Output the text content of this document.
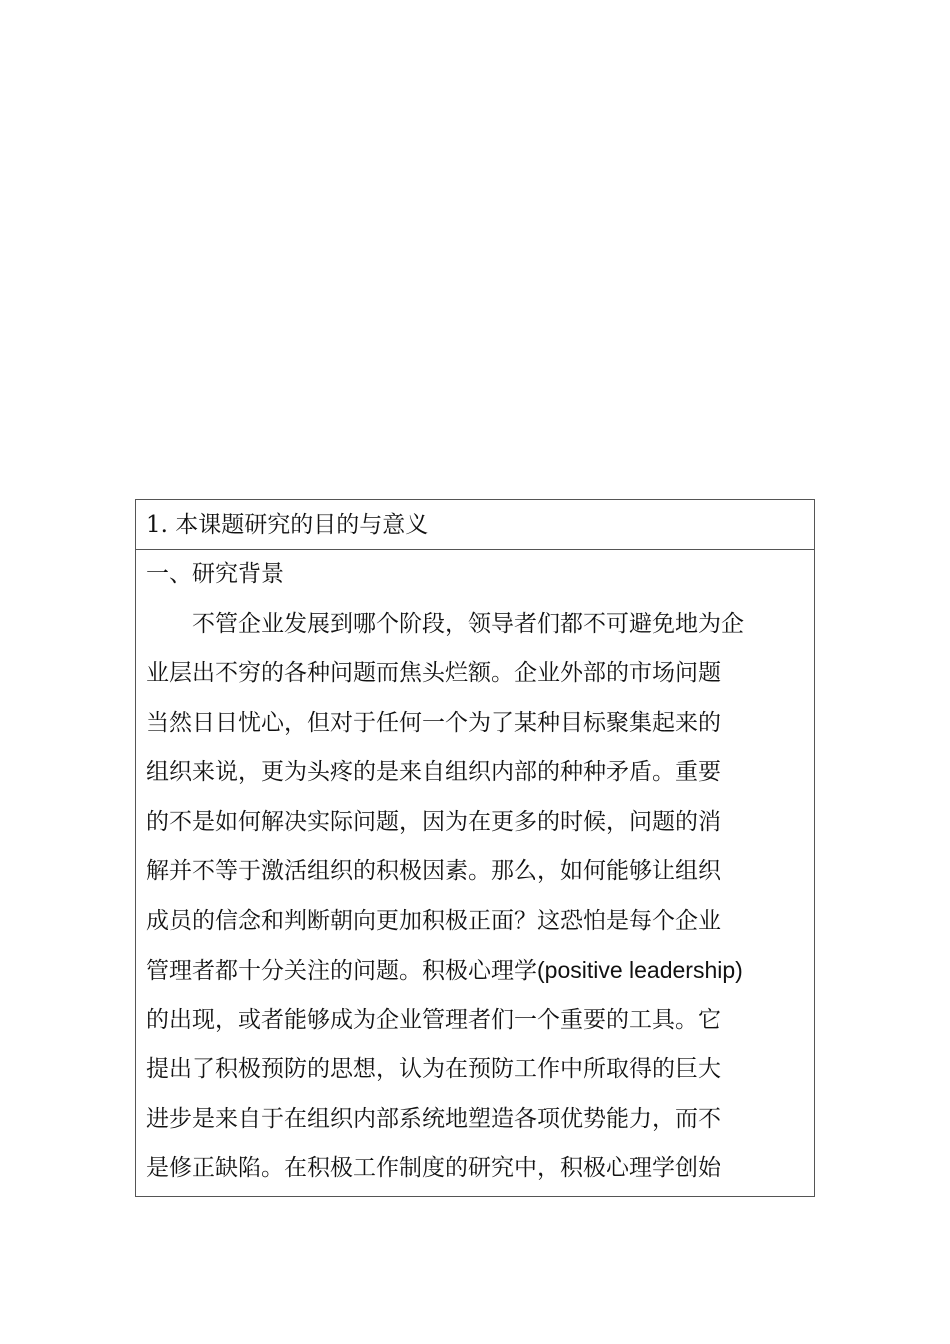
1. 本课题研究的目的与意义
一、研究背景
不管企业发展到哪个阶段，领导者们都不可避免地为企
业层出不穷的各种问题而焦头烂额。企业外部的市场问题
当然日日忧心，但对于任何一个为了某种目标聚集起来的
组织来说，更为头疼的是来自组织内部的种种矛盾。重要
的不是如何解决实际问题，因为在更多的时候，问题的消
解并不等于激活组织的积极因素。那么，如何能够让组织
成员的信念和判断朝向更加积极正面？这恐怕是每个企业
管理者都十分关注的问题。积极心理学(positive leadership)
的出现，或者能够成为企业管理者们一个重要的工具。它
提出了积极预防的思想，认为在预防工作中所取得的巨大
进步是来自于在组织内部系统地塑造各项优势能力，而不
是修正缺陷。在积极工作制度的研究中，积极心理学创始
